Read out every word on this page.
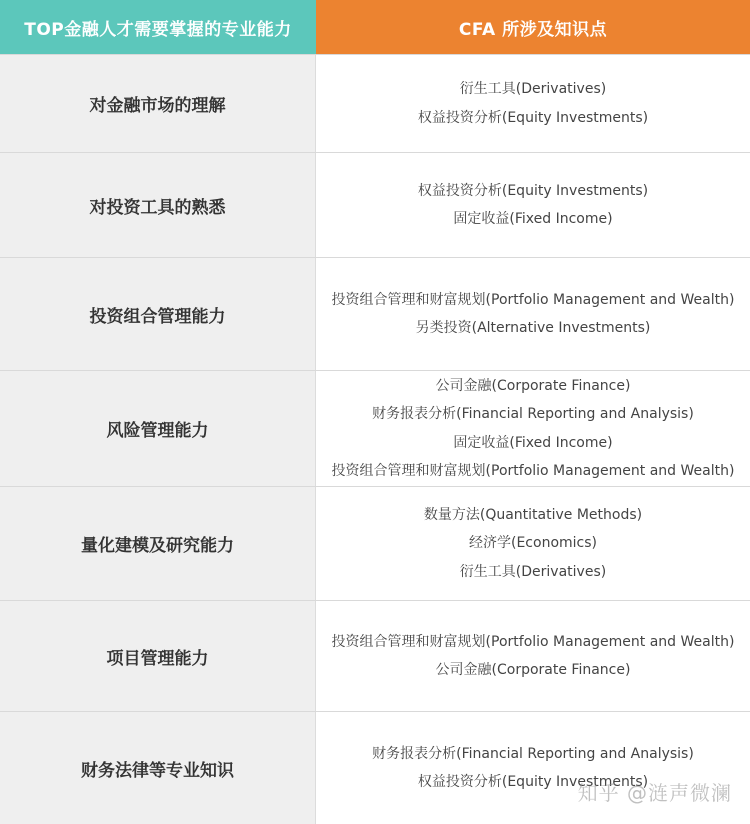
TOP金融人才需要掌握的专业能力	CFA 所涉及知识点
对金融市场的理解
衍生工具(Derivatives)
权益投资分析(Equity Investments)
对投资工具的熟悉
权益投资分析(Equity Investments)
固定收益(Fixed Income)
投资组合管理能力
投资组合管理和财富规划(Portfolio Management and Wealth)
另类投资(Alternative Investments)
风险管理能力
公司金融(Corporate Finance)
财务报表分析(Financial Reporting and Analysis)
固定收益(Fixed Income)
投资组合管理和财富规划(Portfolio Management and Wealth)
量化建模及研究能力
数量方法(Quantitative Methods)
经济学(Economics)
衍生工具(Derivatives)
项目管理能力
投资组合管理和财富规划(Portfolio Management and Wealth)
公司金融(Corporate Finance)
财务法律等专业知识
财务报表分析(Financial Reporting and Analysis)
权益投资分析(Equity Investments)
知乎 @涟声微澜
